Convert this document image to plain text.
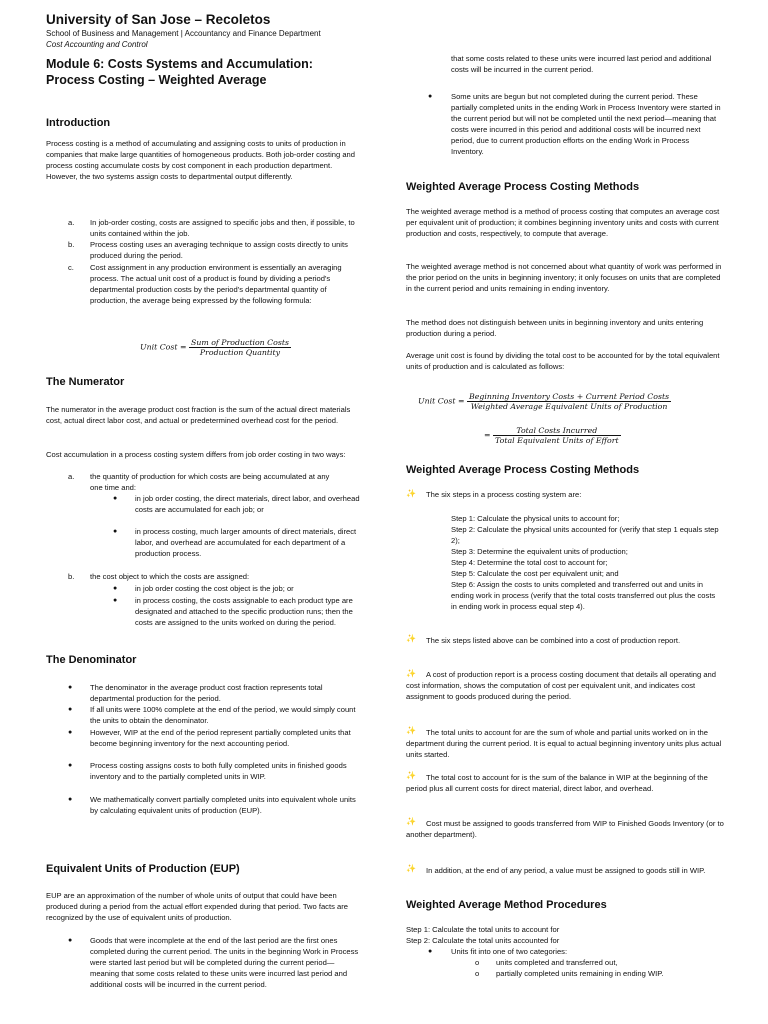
University of San Jose – Recoletos
School of Business and Management | Accountancy and Finance Department
Cost Accounting and Control
Module 6: Costs Systems and Accumulation: Process Costing – Weighted Average
Introduction

Process costing is a method of accumulating and assigning costs to units of production in companies that make large quantities of homogeneous products. Both job-order costing and process costing accumulate costs by cost component in each production department. However, the two systems assign costs to departmental output differently.

a. In job-order costing, costs are assigned to specific jobs and then, if possible, to units contained within the job.
b. Process costing uses an averaging technique to assign costs directly to units produced during the period.
c. Cost assignment in any production environment is essentially an averaging process. The actual unit cost of a product is found by dividing a period's departmental production costs by the period's departmental quantity of production, the average being expressed by the following formula:
Unit Cost = $\frac{\text{Sum of Production Costs}}{\text{Production Quantity}}$
The Numerator

The numerator in the average product cost fraction is the sum of the actual direct materials cost, actual direct labor cost, and actual or predetermined overhead cost for the period.

Cost accumulation in a process costing system differs from job order costing in two ways:

a. the quantity of production for which costs are being accumulated at any one time and:
● in job order costing, the direct materials, direct labor, and overhead costs are accumulated for each job; or
● in process costing, much larger amounts of direct materials, direct labor, and overhead are accumulated for each department of a production process.
b. the cost object to which the costs are assigned:
● in job order costing the cost object is the job; or
● in process costing, the costs assignable to each product type are designated and attached to the specific production runs; then the costs are assigned to the units worked on during the period.
The Denominator
● The denominator in the average product cost fraction represents total departmental production for the period.
● If all units were 100% complete at the end of the period, we would simply count the units to obtain the denominator.
● However, WIP at the end of the period represent partially completed units that become beginning inventory for the next accounting period.
● Process costing assigns costs to both fully completed units in finished goods inventory and to the partially completed units in WIP.
● We mathematically convert partially completed units into equivalent whole units by calculating equivalent units of production (EUP).
Equivalent Units of Production (EUP)

EUP are an approximation of the number of whole units of output that could have been produced during a period from the actual effort expended during that period. Two facts are recognized by the use of equivalent units of production.

● Goods that were incomplete at the end of the last period are the first ones completed during the current period. The units in the beginning Work in Process were started last period but will be completed during the current period—meaning that some costs related to these units were incurred last period and additional costs will be incurred in the current period.
that some costs related to these units were incurred last period and additional costs will be incurred in the current period.
● Some units are begun but not completed during the current period. These partially completed units in the ending Work in Process Inventory were started in the current period but will not be completed until the next period—meaning that costs were incurred in this period and additional costs will be incurred next period, due to current production efforts on the ending Work in Process Inventory.
Weighted Average Process Costing Methods

The weighted average method is a method of process costing that computes an average cost per equivalent unit of production; it combines beginning inventory units and costs with current production and costs, respectively, to compute that average.

The weighted average method is not concerned about what quantity of work was performed in the prior period on the units in beginning inventory; it only focuses on units that are completed in the current period and units remaining in ending inventory.

The method does not distinguish between units in beginning inventory and units entering production during a period.

Average unit cost is found by dividing the total cost to be accounted for by the total equivalent units of production and is calculated as follows:

Unit Cost = $\frac{\text{Beginning Inventory Costs + Current Period Costs}}{\text{Weighted Average Equivalent Units of Production}}$
= $\frac{\text{Total Costs Incurred}}{\text{Total Equivalent Units of Effort}}$
Weighted Average Process Costing Methods
✨ The six steps in a process costing system are:
Step 1: Calculate the physical units to account for;
Step 2: Calculate the physical units accounted for (verify that step 1 equals step 2);
Step 3: Determine the equivalent units of production;
Step 4: Determine the total cost to account for;
Step 5: Calculate the cost per equivalent unit; and
Step 6: Assign the costs to units completed and transferred out and units in ending work in process (verify that the total costs transferred out plus the costs in ending work in process equal step 4).
✨	The six steps listed above can be combined into a cost of production report.
✨	A cost of production report is a process costing document that details all operating and cost information, shows the computation of cost per equivalent unit, and indicates cost assignment to goods produced during the period.
✨	The total units to account for are the sum of whole and partial units worked on in the department during the current period. It is equal to actual beginning inventory units plus actual units started.
✨	The total cost to account for is the sum of the balance in WIP at the beginning of the period plus all current costs for direct material, direct labor, and overhead.
✨	Cost must be assigned to goods transferred from WIP to Finished Goods Inventory (or to another department).
✨	In addition, at the end of any period, a value must be assigned to goods still in WIP.
Weighted Average Method Procedures
Step 1: Calculate the total units to account for
Step 2: Calculate the total units accounted for
● Units fit into one of two categories:
o units completed and transferred out,
o partially completed units remaining in ending WIP.
